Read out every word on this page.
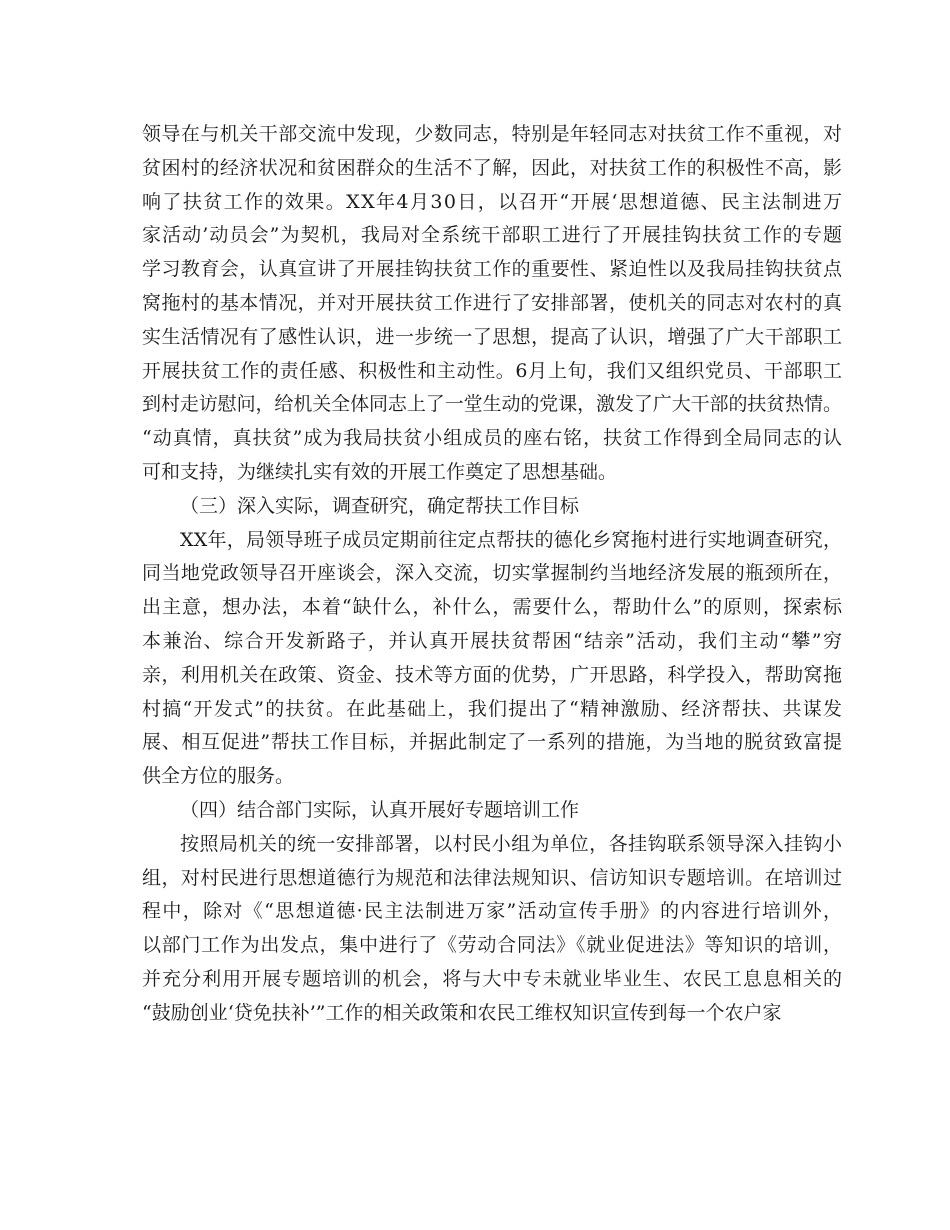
领导在与机关干部交流中发现，少数同志，特别是年轻同志对扶贫工作不重视，对
贫困村的经济状况和贫困群众的生活不了解，因此，对扶贫工作的积极性不高，影
响了扶贫工作的效果。XX年4月30日，以召开“开展‘思想道德、民主法制进万
家活动’动员会”为契机，我局对全系统干部职工进行了开展挂钩扶贫工作的专题
学习教育会，认真宣讲了开展挂钩扶贫工作的重要性、紧迫性以及我局挂钩扶贫点
窝拖村的基本情况，并对开展扶贫工作进行了安排部署，使机关的同志对农村的真
实生活情况有了感性认识，进一步统一了思想，提高了认识，增强了广大干部职工
开展扶贫工作的责任感、积极性和主动性。6月上旬，我们又组织党员、干部职工
到村走访慰问，给机关全体同志上了一堂生动的党课，激发了广大干部的扶贫热情。
“动真情，真扶贫”成为我局扶贫小组成员的座右铭，扶贫工作得到全局同志的认
可和支持，为继续扎实有效的开展工作奠定了思想基础。
（三）深入实际，调查研究，确定帮扶工作目标
XX年，局领导班子成员定期前往定点帮扶的德化乡窝拖村进行实地调查研究，
同当地党政领导召开座谈会，深入交流，切实掌握制约当地经济发展的瓶颈所在，
出主意，想办法，本着“缺什么，补什么，需要什么，帮助什么”的原则，探索标
本兼治、综合开发新路子，并认真开展扶贫帮困“结亲”活动，我们主动“攀”穷
亲，利用机关在政策、资金、技术等方面的优势，广开思路，科学投入，帮助窝拖
村搞“开发式”的扶贫。在此基础上，我们提出了“精神激励、经济帮扶、共谋发
展、相互促进”帮扶工作目标，并据此制定了一系列的措施，为当地的脱贫致富提
供全方位的服务。
（四）结合部门实际，认真开展好专题培训工作
按照局机关的统一安排部署，以村民小组为单位，各挂钩联系领导深入挂钩小
组，对村民进行思想道德行为规范和法律法规知识、信访知识专题培训。在培训过
程中，除对《“思想道德·民主法制进万家”活动宣传手册》的内容进行培训外，
以部门工作为出发点，集中进行了《劳动合同法》《就业促进法》等知识的培训，
并充分利用开展专题培训的机会，将与大中专未就业毕业生、农民工息息相关的
“鼓励创业‘贷免扶补’”工作的相关政策和农民工维权知识宣传到每一个农户家
